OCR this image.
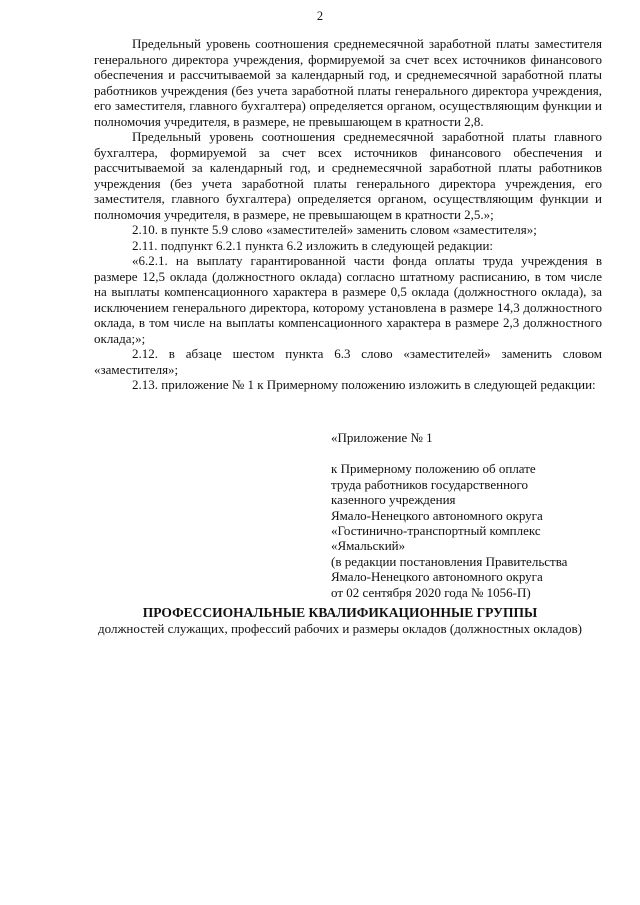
2

Предельный уровень соотношения среднемесячной заработной платы заместителя генерального директора учреждения, формируемой за счет всех источников финансового обеспечения и рассчитываемой за календарный год, и среднемесячной заработной платы работников учреждения (без учета заработной платы генерального директора учреждения, его заместителя, главного бухгалтера) определяется органом, осуществляющим функции и полномочия учредителя, в размере, не превышающем в кратности 2,8.

Предельный уровень соотношения среднемесячной заработной платы главного бухгалтера, формируемой за счет всех источников финансового обеспечения и рассчитываемой за календарный год, и среднемесячной заработной платы работников учреждения (без учета заработной платы генерального директора учреждения, его заместителя, главного бухгалтера) определяется органом, осуществляющим функции и полномочия учредителя, в размере, не превышающем в кратности 2,5.»;

2.10. в пункте 5.9 слово «заместителей» заменить словом «заместителя»;

2.11. подпункт 6.2.1 пункта 6.2 изложить в следующей редакции:

«6.2.1. на выплату гарантированной части фонда оплаты труда учреждения в размере 12,5 оклада (должностного оклада) согласно штатному расписанию, в том числе на выплаты компенсационного характера в размере 0,5 оклада (должностного оклада), за исключением генерального директора, которому установлена в размере 14,3 должностного оклада, в том числе на выплаты компенсационного характера в размере 2,3 должностного оклада;»;

2.12. в абзаце шестом пункта 6.3 слово «заместителей» заменить словом «заместителя»;

2.13. приложение № 1 к Примерному положению изложить в следующей редакции:

«Приложение № 1

к Примерному положению об оплате

труда работников государственного

казенного учреждения

Ямало-Ненецкого автономного округа

«Гостинично-транспортный комплекс

«Ямальский»

(в редакции постановления Правительства

Ямало-Ненецкого автономного округа

от 02 сентября 2020 года № 1056-П)

ПРОФЕССИОНАЛЬНЫЕ КВАЛИФИКАЦИОННЫЕ ГРУППЫ
должностей служащих, профессий рабочих и размеры окладов (должностных окладов)
